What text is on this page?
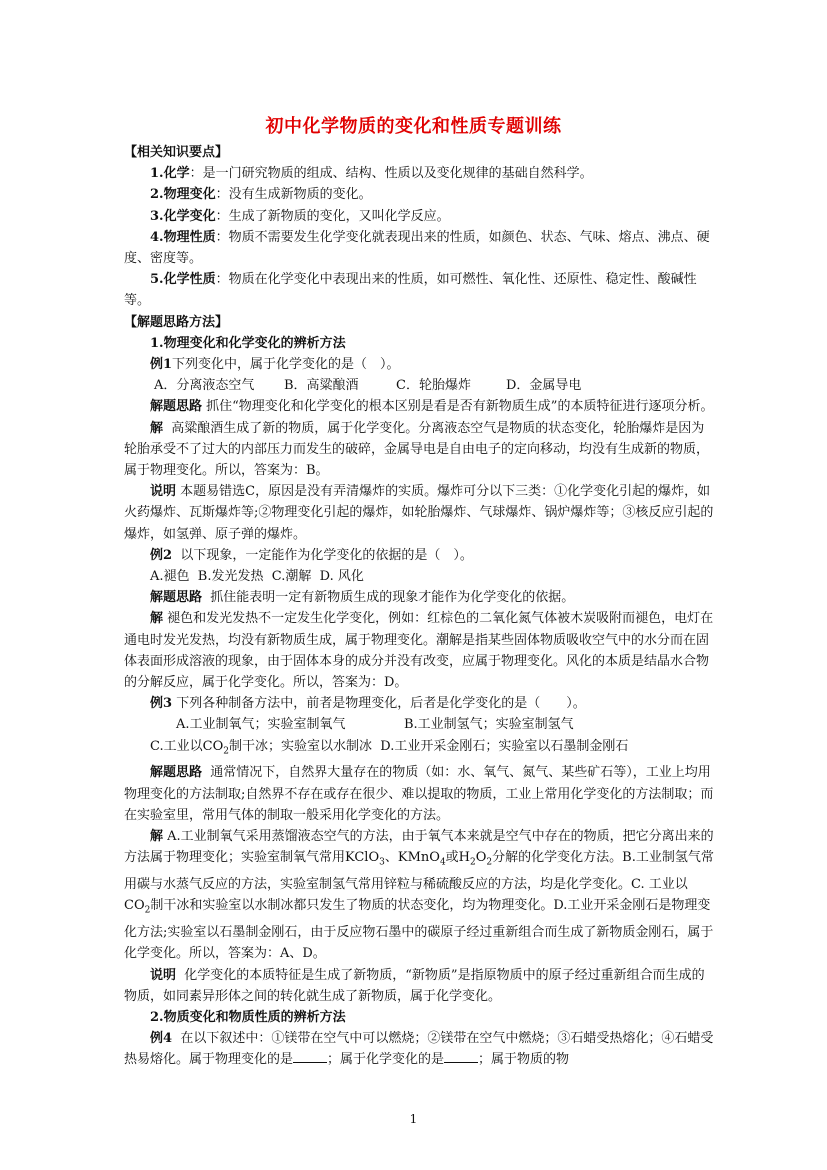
初中化学物质的变化和性质专题训练

【相关知识要点】

1.化学：是一门研究物质的组成、结构、性质以及变化规律的基础自然科学。

2.物理变化：没有生成新物质的变化。

3.化学变化：生成了新物质的变化，又叫化学反应。

4.物理性质：物质不需要发生化学变化就表现出来的性质，如颜色、状态、气味、熔点、沸点、硬度、密度等。

5.化学性质：物质在化学变化中表现出来的性质，如可燃性、氧化性、还原性、稳定性、酸碱性等。

【解题思路方法】

1.物理变化和化学变化的辨析方法

例1下列变化中，属于化学变化的是（　）。

A．分离液态空气 B．高粱酿酒	C．轮胎爆炸	D．金属导电

解题思路 抓住“物理变化和化学变化的根本区别是看是否有新物质生成”的本质特征进行逐项分析。

解 高粱酿酒生成了新的物质，属于化学变化。分离液态空气是物质的状态变化，轮胎爆炸是因为轮胎承受不了过大的内部压力而发生的破碎，金属导电是自由电子的定向移动，均没有生成新的物质，属于物理变化。所以，答案为：B。

说明 本题易错选C，原因是没有弄清爆炸的实质。爆炸可分以下三类：①化学变化引起的爆炸，如火药爆炸、瓦斯爆炸等;②物理变化引起的爆炸，如轮胎爆炸、气球爆炸、锅炉爆炸等；③核反应引起的爆炸，如氢弹、原子弹的爆炸。

例2 以下现象，一定能作为化学变化的依据的是（　）。

A.褪色 B.发光发热 C.潮解 D. 风化

解题思路 抓住能表明一定有新物质生成的现象才能作为化学变化的依据。

解 褪色和发光发热不一定发生化学变化，例如：红棕色的二氧化氮气体被木炭吸附而褪色，电灯在通电时发光发热，均没有新物质生成，属于物理变化。潮解是指某些固体物质吸收空气中的水分而在固体表面形成溶液的现象，由于固体本身的成分并没有改变，应属于物理变化。风化的本质是结晶水合物的分解反应，属于化学变化。所以，答案为：D。

例3 下列各种制备方法中，前者是物理变化，后者是化学变化的是（　　）。

A.工业制氧气；实验室制氧气	B.工业制氢气；实验室制氢气

C.工业以$CO_2$制干冰；实验室以水制冰 D.工业开采金刚石；实验室以石墨制金刚石

解题思路 通常情况下，自然界大量存在的物质（如：水、氧气、氮气、某些矿石等），工业上均用物理变化的方法制取;自然界不存在或存在很少、难以提取的物质，工业上常用化学变化的方法制取；而在实验室里，常用气体的制取一般采用化学变化的方法。

解 A.工业制氧气采用蒸馏液态空气的方法，由于氧气本来就是空气中存在的物质，把它分离出来的方法属于物理变化；实验室制氧气常用KClO$_3$、KMnO$_4$或$H_2O_2$分解的化学变化方法。B.工业制氢气常用碳与水蒸气反应的方法，实验室制氢气常用锌粒与稀硫酸反应的方法，均是化学变化。C. 工业以$CO_2$制干冰和实验室以水制冰都只发生了物质的状态变化，均为物理变化。D.工业开采金刚石是物理变化方法;实验室以石墨制金刚石，由于反应物石墨中的碳原子经过重新组合而生成了新物质金刚石，属于化学变化。所以，答案为：A、D。

说明 化学变化的本质特征是生成了新物质，“新物质”是指原物质中的原子经过重新组合而生成的物质，如同素异形体之间的转化就生成了新物质，属于化学变化。

2.物质变化和物质性质的辨析方法

例4 在以下叙述中：①镁带在空气中可以燃烧；②镁带在空气中燃烧；③石蜡受热熔化；④石蜡受热易熔化。属于物理变化的是	；属于化学变化的是	；属于物质的物

1
